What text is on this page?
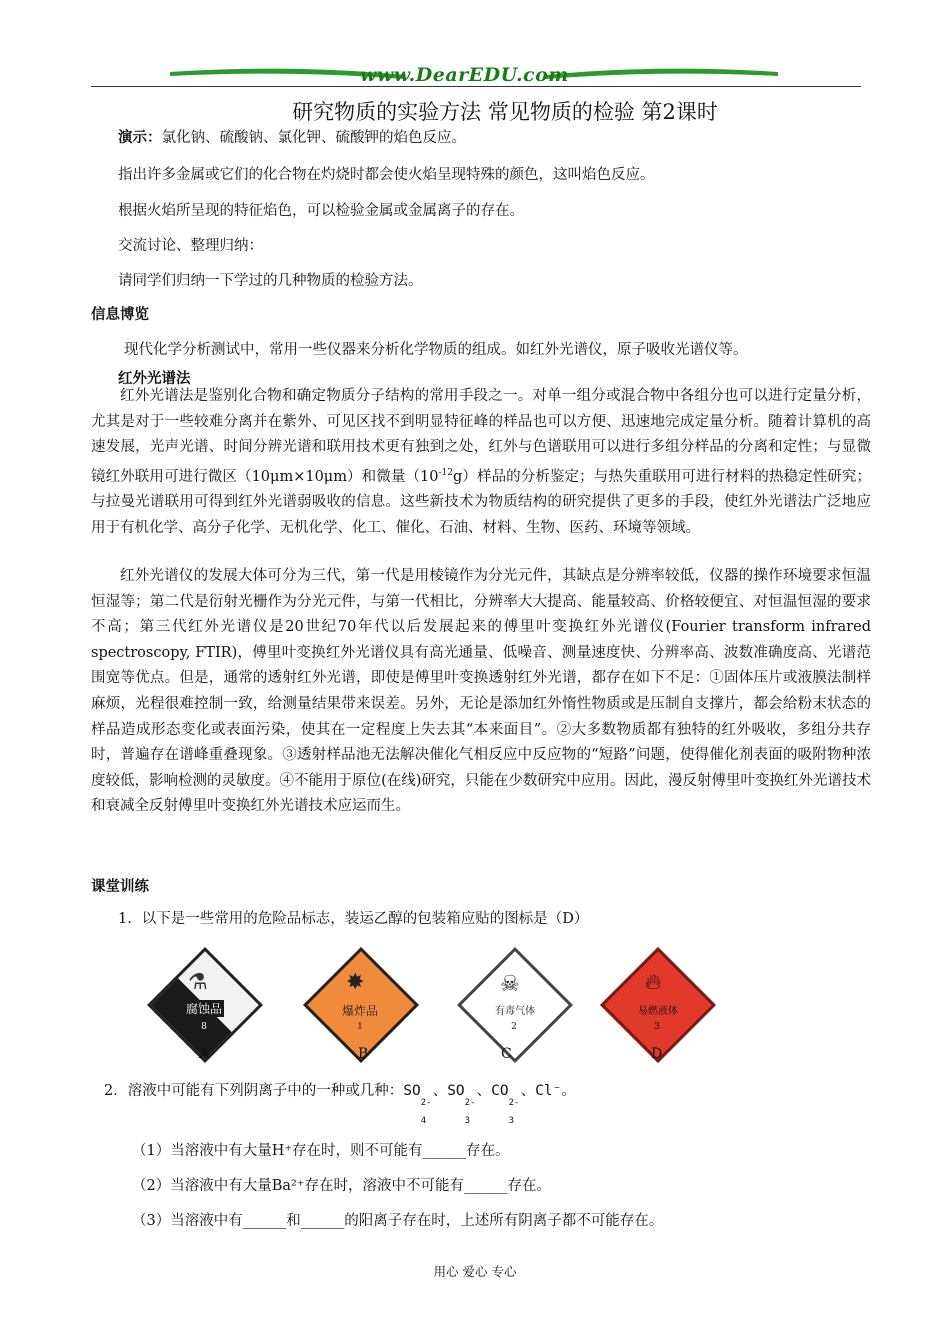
www.DearEDU.com
研究物质的实验方法 常见物质的检验 第2课时
演示：氯化钠、硫酸钠、氯化钾、硫酸钾的焰色反应。
指出许多金属或它们的化合物在灼烧时都会使火焰呈现特殊的颜色，这叫焰色反应。
根据火焰所呈现的特征焰色，可以检验金属或金属离子的存在。
交流讨论、整理归纳：
请同学们归纳一下学过的几种物质的检验方法。
信息博览
现代化学分析测试中，常用一些仪器来分析化学物质的组成。如红外光谱仪，原子吸收光谱仪等。
红外光谱法

红外光谱法是鉴别化合物和确定物质分子结构的常用手段之一。对单一组分或混合物中各组分也可以进行定量分析，尤其是对于一些较难分离并在紫外、可见区找不到明显特征峰的样品也可以方便、迅速地完成定量分析。随着计算机的高速发展，光声光谱、时间分辨光谱和联用技术更有独到之处，红外与色谱联用可以进行多组分样品的分离和定性；与显微镜红外联用可进行微区（10μm×10μm）和微量$(10^{-12}g)$样品的分析鉴定；与热失重联用可进行材料的热稳定性研究；与拉曼光谱联用可得到红外光谱弱吸收的信息。这些新技术为物质结构的研究提供了更多的手段，使红外光谱法广泛地应用于有机化学、高分子化学、无机化学、化工、催化、石油、材料、生物、医药、环境等领域。

红外光谱仪的发展大体可分为三代，第一代是用棱镜作为分光元件，其缺点是分辨率较低，仪器的操作环境要求恒温恒湿等；第二代是衍射光栅作为分光元件，与第一代相比，分辨率大大提高、能量较高、价格较便宜、对恒温恒湿的要求不高；第三代红外光谱仪是20世纪70年代以后发展起来的傅里叶变换红外光谱仪(Fourier transform infrared spectroscopy, FTIR)，傅里叶变换红外光谱仪具有高光通量、低噪音、测量速度快、分辨率高、波数准确度高、光谱范围宽等优点。但是，通常的透射红外光谱，即使是傅里叶变换透射红外光谱，都存在如下不足：①固体压片或液膜法制样麻烦，光程很难控制一致，给测量结果带来误差。另外，无论是添加红外惰性物质或是压制自支撑片，都会给粉末状态的样品造成形态变化或表面污染，使其在一定程度上失去其“本来面目”。②大多数物质都有独特的红外吸收，多组分共存时，普遍存在谱峰重叠现象。③透射样品池无法解决催化气相反应中反应物的“短路”问题，使得催化剂表面的吸附物种浓度较低，影响检测的灵敏度。④不能用于原位(在线)研究，只能在少数研究中应用。因此，漫反射傅里叶变换红外光谱技术和衰减全反射傅里叶变换红外光谱技术应运而生。

课堂训练
1．以下是一些常用的危险品标志，装运乙醇的包装箱应贴的图标是（D）
⚗
腐蚀品
8
A
✸
爆炸品
1
B
☠
有毒气体
2
C
🔥︎
易燃液体
3
D
2．溶液中可能有下列阴离子中的一种或几种：SO
2-
4
、SO
2-
3
、CO
2-
3
、Cl⁻。
（1）当溶液中有大量H⁺存在时，则不可能有______存在。
（2）当溶液中有大量Ba²⁺存在时，溶液中不可能有______存在。
（3）当溶液中有______和______的阳离子存在时，上述所有阴离子都不可能存在。
用心 爱心 专心
